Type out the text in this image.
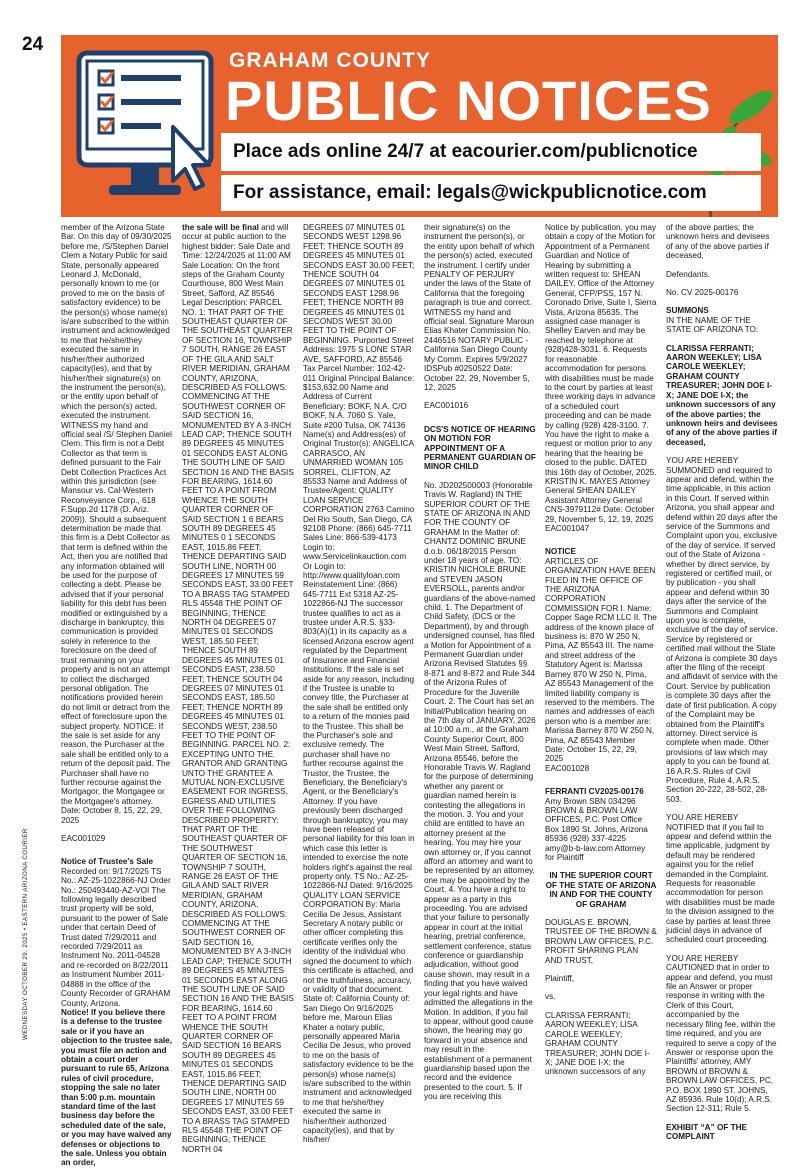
24
GRAHAM COUNTY
PUBLIC NOTICES
Place ads online 24/7 at eacourier.com/publicnotice
For assistance, email: legals@wickpublicnotice.com
WEDNESDAY OCTOBER 29, 2025 • EASTERN ARIZONA COURIER

member of the Arizona State Bar. On this day of 09/30/2025 before me, /S/Stephen Daniel Clem a Notary Public for said State, personally appeared Leonard J. McDonald, personally known to me (or proved to me on the basis of satisfactory evidence) to be the person(s) whose name(s) is/are subscribed to the within instrument and acknowledged to me that he/she/they executed the same in his/her/their authorized capacity(ies), and that by his/her/their signature(s) on the instrument the person(s), or the entity upon behalf of which the person(s) acted, executed the instrument. WITNESS my hand and official seal /S/ Stephen Daniel Clem. This firm is not a Debt Collector as that term is defined pursuant to the Fair Debt Collection Practices Act within this jurisdiction (see Mansour vs. Cal-Western Reconveyance Corp., 618 F.Supp.2d 1178 (D. Ariz. 2009)). Should a subsequent determination be made that this firm is a Debt Collector as that term is defined within the Act, then you are notified that any information obtained will be used for the purpose of collecting a debt. Please be advised that if your personal liability for this debt has been modified or extinguished by a discharge in bankruptcy, this communication is provided solely in reference to the foreclosure on the deed of trust remaining on your property and is not an attempt to collect the discharged personal obligation. The notifications provided herein do not limit or detract from the effect of foreclosure upon the subject property. NOTICE: If the sale is set aside for any reason, the Purchaser at the sale shall be entitled only to a return of the deposit paid. The Purchaser shall have no further recourse against the Mortgagor, the Mortgagee or the Mortgagee's attorney. Date: October 8, 15, 22, 29, 2025

EAC001029

Notice of Trustee's Sale

Recorded on: 9/17/2025 TS No.: AZ-25-1022866-NJ Order No.: 250493440-AZ-VOI The following legally described trust property will be sold, pursuant to the power of Sale under that certain Deed of Trust dated 7/29/2011 and recorded 7/29/2011 as Instrument No. 2011-04528 and re-recorded on 8/22/2011 as Instrument Number 2011-04888 in the office of the County Recorder of GRAHAM County, Arizona.

Notice! If you believe there is a defense to the trustee sale or if you have an objection to the trustee sale, you must file an action and obtain a court order pursuant to rule 65, Arizona rules of civil procedure, stopping the sale no later than 5:00 p.m. mountain standard time of the last business day before the scheduled date of the sale, or you may have waived any defenses or objections to the sale. Unless you obtain an order,

the sale will be final and will occur at public auction to the highest bidder: Sale Date and Time: 12/24/2025 at 11:00 AM Sale Location: On the front steps of the Graham County Courthouse, 800 West Main Street, Safford, AZ 85546 Legal Description: PARCEL NO. 1: THAT PART OF THE SOUTHEAST QUARTER OF THE SOUTHEAST QUARTER OF SECTION 16, TOWNSHIP 7 SOUTH, RANGE 26 EAST OF THE GILA AND SALT RIVER MERIDIAN, GRAHAM COUNTY, ARIZONA, DESCRIBED AS FOLLOWS: COMMENCING AT THE SOUTHWEST CORNER OF SAID SECTION 16, MONUMENTED BY A 3-INCH LEAD CAP; THENCE SOUTH 89 DEGREES 45 MINUTES 01 SECONDS EAST ALONG THE SOUTH LINE OF SAID SECTION 16 AND THE BASIS FOR BEARING, 1614.60 FEET TO A POINT FROM WHENCE THE SOUTH QUARTER CORNER OF SAID SECTION 1 6 BEARS SOUTH 89 DEGREES 45 MINUTES 0 1 SECONDS EAST, 1015.86 FEET; THENCE DEPARTING SAID SOUTH LINE, NORTH 00 DEGREES 17 MINUTES 59 SECONDS EAST, 33.00 FEET TO A BRASS TAG STAMPED RLS 45548 THE POINT OF BEGINNING; THENCE NORTH 04 DEGREES 07 MINUTES 01 SECONDS WEST, 185.50 FEET; THENCE SOUTH 89 DEGREES 45 MINUTES 01 SECONDS EAST, 238.50 FEET; THENCE SOUTH 04 DEGREES 07 MINUTES 01 SECONDS EAST, 185.50 FEET; THENCE NORTH 89 DEGREES 45 MINUTES 01 SECONDS WEST, 238.50 FEET TO THE POINT OF BEGINNING. PARCEL NO. 2: EXCEPTING UNTO THE GRANTOR AND GRANTING UNTO THE GRANTEE A MUTUAL NON-EXCLUSIVE EASEMENT FOR INGRESS, EGRESS AND UTILITIES OVER THE FOLLOWING DESCRIBED PROPERTY: THAT PART OF THE SOUTHEAST QUARTER OF THE SOUTHWEST QUARTER OF SECTION 16, TOWNSHIP 7 SOUTH, RANGE 26 EAST OF THE GILA AND SALT RIVER MERIDIAN, GRAHAM COUNTY, ARIZONA, DESCRIBED AS FOLLOWS: COMMENCING AT THE SOUTHWEST CORNER OF SAID SECTION 16, MONUMENTED BY A 3-INCH LEAD CAP; THENCE SOUTH 89 DEGREES 45 MINUTES 01 SECONDS EAST ALONG THE SOUTH LINE OF SAID SECTION 16 AND THE BASIS FOR BEARING, 1614.60 FEET TO A POINT FROM WHENCE THE SOUTH QUARTER CORNER OF SAID SECTION 16 BEARS SOUTH 89 DEGREES 45 MINUTES 01 SECONDS EAST, 1015.86 FEET; THENCE DEPARTING SAID SOUTH LINE, NORTH 00 DEGREES 17 MINUTES 59 SECONDS EAST, 33.00 FEET TO A BRASS TAG STAMPED RLS 45548 THE POINT OF BEGINNING; THENCE NORTH 04

DEGREES 07 MINUTES 01 SECONDS WEST 1298.96 FEET; THENCE SOUTH 89 DEGREES 45 MINUTES 01 SECONDS EAST 30.00 FEET; THENCE SOUTH 04 DEGREES 07 MINUTES 01 SECONDS EAST 1298.96 FEET; THENCE NORTH 89 DEGREES 45 MINUTES 01 SECONDS WEST 30.00 FEET TO THE POINT OF BEGINNING. Purported Street Address: 1975 S LONE STAR AVE, SAFFORD, AZ 85546 Tax Parcel Number: 102-42-011 Original Principal Balance: $153,632.00 Name and Address of Current Beneficiary: BOKF, N.A. C/O BOKF, N.A. 7060 S. Yale, Suite #200 Tulsa, OK 74136 Name(s) and Address(es) of Original Trustor(s): ANGELICA CARRASCO, AN UNMARRIED WOMAN 105 SORREL, CLIFTON, AZ 85533 Name and Address of Trustee/Agent: QUALITY LOAN SERVICE CORPORATION 2763 Camino Del Rio South, San Diego, CA 92108 Phone: (866) 645-7711 Sales Line: 866-539-4173 Login to: www.Servicelinkauction.com Or Login to: http://www.qualityloan.com Reinstatement Line: (866) 645-7711 Ext 5318 AZ-25-1022866-NJ The successor trustee qualifies to act as a trustee under A.R.S. §33-803(A)(1) in its capacity as a licensed Arizona escrow agent regulated by the Department of Insurance and Financial Institutions. If the sale is set aside for any reason, including if the Trustee is unable to convey title, the Purchaser at the sale shall be entitled only to a return of the monies paid to the Trustee. This shall be the Purchaser's sole and exclusive remedy. The purchaser shall have no further recourse against the Trustor, the Trustee, the Beneficiary, the Beneficiary's Agent, or the Beneficiary's Attorney. If you have previously been discharged through bankruptcy, you may have been released of personal liability for this loan in which case this letter is intended to exercise the note holders right's against the real property only. TS No.: AZ-25-1022866-NJ Dated: 9/16/2025 QUALITY LOAN SERVICE CORPORATION By: Maria Cecilia De Jesus, Assistant Secretary A notary public or other officer completing this certificate verifies only the identity of the individual who signed the document to which this certificate is attached, and not the truthfulness, accuracy, or validity of that document. State of: California County of: San Diego On 9/16/2025 before me, Maroun Elias Khater a notary public, personally appeared Maria Cecilia De Jesus, who proved to me on the basis of satisfactory evidence to be the person(s) whose name(s) is/are subscribed to the within instrument and acknowledged to me that he/she/they executed the same in his/her/their authorized capacity(ies), and that by his/her/

their signature(s) on the instrument the person(s), or the entity upon behalf of which the person(s) acted, executed the instrument. I certify under PENALTY OF PERJURY under the laws of the State of California that the foregoing paragraph is true and correct. WITNESS my hand and official seal. Signature Maroun Elias Khater Commission No. 2446516 NOTARY PUBLIC - California San Diego County My Comm. Expires 5/9/2027 IDSPub #0250522 Date: October 22, 29, November 5, 12, 2025

EAC001016

DCS'S NOTICE OF HEARING ON MOTION FOR APPOINTMENT OF A PERMANENT GUARDIAN OF MINOR CHILD

No. JD202500003 (Honorable Travis W. Ragland) IN THE SUPERIOR COURT OF THE STATE OF ARIZONA IN AND FOR THE COUNTY OF GRAHAM In the Matter of: CHANTZ DOMINIC BRUNE d.o.b. 06/18/2015 Person under 18 years of age. TO: KRISTIN NICHOLE BRUNE and STEVEN JASON EVERSOLL, parents and/or guardians of the above-named child. 1. The Department of Child Safety, (DCS or the Department), by and through undersigned counsel, has filed a Motion for Appointment of a Permanent Guardian under Arizona Revised Statutes §§ 8-871 and 8-872 and Rule 344 of the Arizona Rules of Procedure for the Juvenile Court. 2. The Court has set an Initial/Publication hearing on the 7th day of JANUARY, 2026 at 10:00 a.m., at the Graham County Superior Court, 800 West Main Street, Safford, Arizona 85546, before the Honorable Travis W. Ragland for the purpose of determining whether any parent or guardian named herein is contesting the allegations in the motion. 3. You and your child are entitled to have an attorney present at the hearing. You may hire your own attorney or, if you cannot afford an attorney and want to be represented by an attorney, one may be appointed by the Court. 4. You have a right to appear as a party in this proceeding. You are advised that your failure to personally appear in court at the initial hearing, pretrial conference, settlement conference, status conference or guardianship adjudication, without good cause shown, may result in a finding that you have waived your legal rights and have admitted the allegations in the Motion. In addition, if you fail to appear, without good cause shown, the hearing may go forward in your absence and may result in the establishment of a permanent guardianship based upon the record and the evidence presented to the court. 5. If you are receiving this

Notice by publication, you may obtain a copy of the Motion for Appointment of a Permanent Guardian and Notice of Hearing by submitting a written request to: SHEAN DAILEY, Office of the Attorney General, CFP/PSS, 157 N. Coronado Drive, Suite I, Sierra Vista, Arizona 85635. The assigned case manager is Shelley Earven and may be reached by telephone at (928)428-3031. 6. Requests for reasonable accommodation for persons with disabilities must be made to the court by parties at least three working days in advance of a scheduled court proceeding and can be made by calling (928) 428-3100. 7. You have the right to make a request or motion prior to any hearing that the hearing be closed to the public. DATED this 16th day of October, 2025. KRISTIN K. MAYES Attorney General SHEAN DAILEY Assistant Attorney General CNS-3979112# Date: October 29, November 5, 12, 19, 2025

EAC001047

NOTICE

ARTICLES OF ORGANIZATION HAVE BEEN FILED IN THE OFFICE OF THE ARIZONA CORPORATION COMMISSION FOR I. Name: Copper Sage RCM LLC II. The address of the known place of business is: 870 W 250 N, Pima, AZ 85543 III. The name and street address of the Statutory Agent is: Marissa Barney 870 W 250 N, Pima, AZ 85543 Management of the limited liability company is reserved to the members. The names and addresses of each person who is a member are: Marissa Barney 870 W 250 N, Pima, AZ 85543 Member Date: October 15, 22, 29, 2025

EAC001028

FERRANTI CV2025-00176

Amy Brown SBN 034296 BROWN & BROWN LAW OFFICES, P.C. Post Office Box 1890 St. Johns, Arizona 85936 (928) 337-4225 amy@b-b-law.com Attorney for Plaintiff

IN THE SUPERIOR COURT OF THE STATE OF ARIZONA IN AND FOR THE COUNTY OF GRAHAM

DOUGLAS E. BROWN, TRUSTEE OF THE BROWN & BROWN LAW OFFICES, P.C. PROFIT SHARING PLAN AND TRUST,

Plaintiff,

vs.

CLARISSA FERRANTI; AARON WEEKLEY; LISA CAROLE WEEKLEY; GRAHAM COUNTY TREASURER; JOHN DOE I-X; JANE DOE I-X; the unknown successors of any

of the above parties; the unknown heirs and devisees of any of the above parties if deceased,

Defendants.

No. CV 2025-00176

SUMMONS

IN THE NAME OF THE STATE OF ARIZONA TO:

CLARISSA FERRANTI; AARON WEEKLEY; LISA CAROLE WEEKLEY; GRAHAM COUNTY TREASURER; JOHN DOE I-X; JANE DOE I-X; the unknown successors of any of the above parties; the unknown heirs and devisees of any of the above parties if deceased,

YOU ARE HEREBY SUMMONED and required to appear and defend, within the time applicable, in this action in this Court. If served within Arizona, you shall appear and defend within 20 days after the service of the Summons and Complaint upon you, exclusive of the day of service. If served out of the State of Arizona - whether by direct service, by registered or certified mail, or by publication - you shall appear and defend within 30 days after the service of the Summons and Complaint upon you is complete, exclusive of the day of service. Service by registered or certified mail without the State of Arizona is complete 30 days after the filing of the receipt and affidavit of service with the Court. Service by publication is complete 30 days after the date of first publication. A copy of the Complaint may be obtained from the Plaintiff's attorney. Direct service is complete when made. Other provisions of law which may apply to you can be found at 16 A.R.S. Rules of Civil Procedure, Rule 4, A.R.S. Section 20-222, 28-502, 28-503.

YOU ARE HEREBY NOTIFIED that if you fail to appear and defend within the time applicable, judgment by default may be rendered against you for the relief demanded in the Complaint. Requests for reasonable accommodation for person with disabilities must be made to the division assigned to the case by parties at least three judicial days in advance of scheduled court proceeding.

YOU ARE HEREBY CAUTIONED that in order to appear and defend, you must file an Answer or proper response in writing with the Clerk of this Court, accompanied by the necessary filing fee, within the time required, and you are required to serve a copy of the Answer or response upon the Plaintiffs' attorney, AMY BROWN of BROWN & BROWN LAW OFFICES, PC, P.O. BOX 1890 ST. JOHNS, AZ 85936. Rule 10(d); A.R.S. Section 12-311; Rule 5.

EXHIBIT “A” OF THE COMPLAINT
